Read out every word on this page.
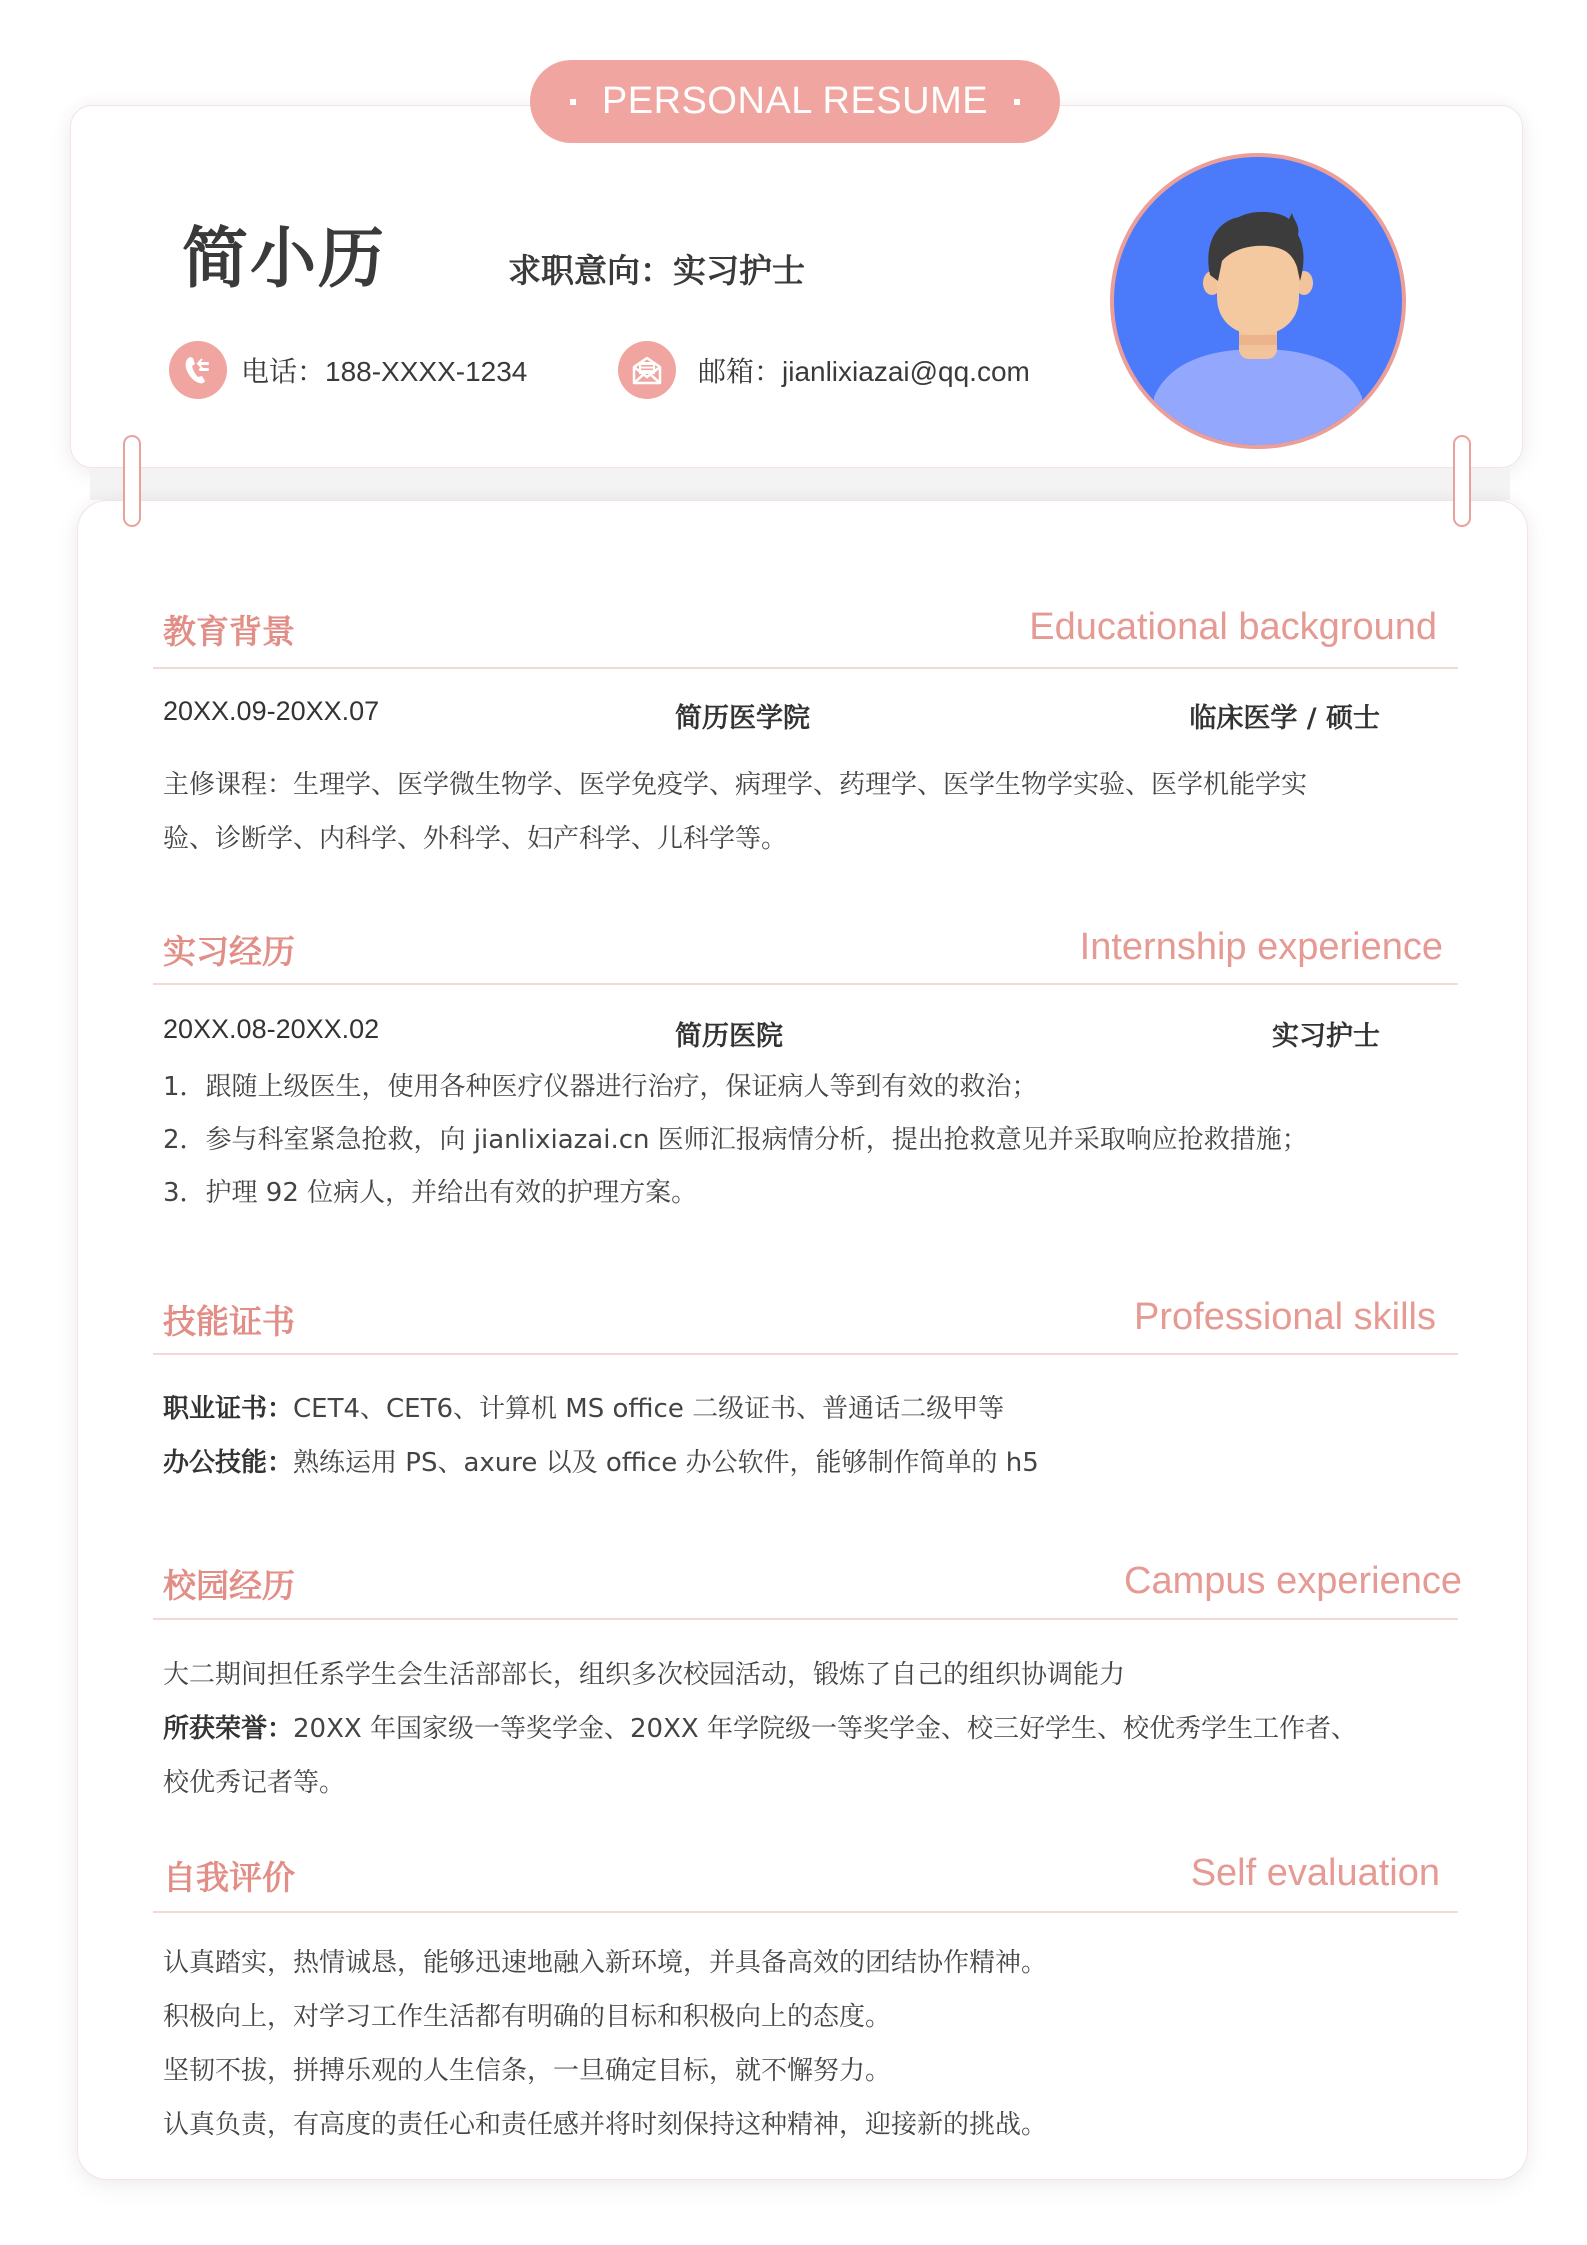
PERSONAL RESUME
简小历	求职意向：实习护士
电话：188-XXXX-1234	邮箱：jianlixiazai@qq.com
教育背景	Educational background
20XX.09-20XX.07	简历医学院	临床医学 / 硕士
主修课程：生理学、医学微生物学、医学免疫学、病理学、药理学、医学生物学实验、医学机能学实
验、诊断学、内科学、外科学、妇产科学、儿科学等。
实习经历	Internship experience
20XX.08-20XX.02	简历医院	实习护士
1．跟随上级医生，使用各种医疗仪器进行治疗，保证病人等到有效的救治；
2．参与科室紧急抢救，向 jianlixiazai.cn 医师汇报病情分析，提出抢救意见并采取响应抢救措施；
3．护理 92 位病人，并给出有效的护理方案。
技能证书	Professional skills
职业证书：CET4、CET6、计算机 MS office 二级证书、普通话二级甲等
办公技能：熟练运用 PS、axure 以及 office 办公软件，能够制作简单的 h5
校园经历	Campus experience
大二期间担任系学生会生活部部长，组织多次校园活动，锻炼了自己的组织协调能力
所获荣誉：20XX 年国家级一等奖学金、20XX 年学院级一等奖学金、校三好学生、校优秀学生工作者、
校优秀记者等。
自我评价	Self evaluation
认真踏实，热情诚恳，能够迅速地融入新环境，并具备高效的团结协作精神。
积极向上，对学习工作生活都有明确的目标和积极向上的态度。
坚韧不拔，拼搏乐观的人生信条，一旦确定目标，就不懈努力。
认真负责，有高度的责任心和责任感并将时刻保持这种精神，迎接新的挑战。
